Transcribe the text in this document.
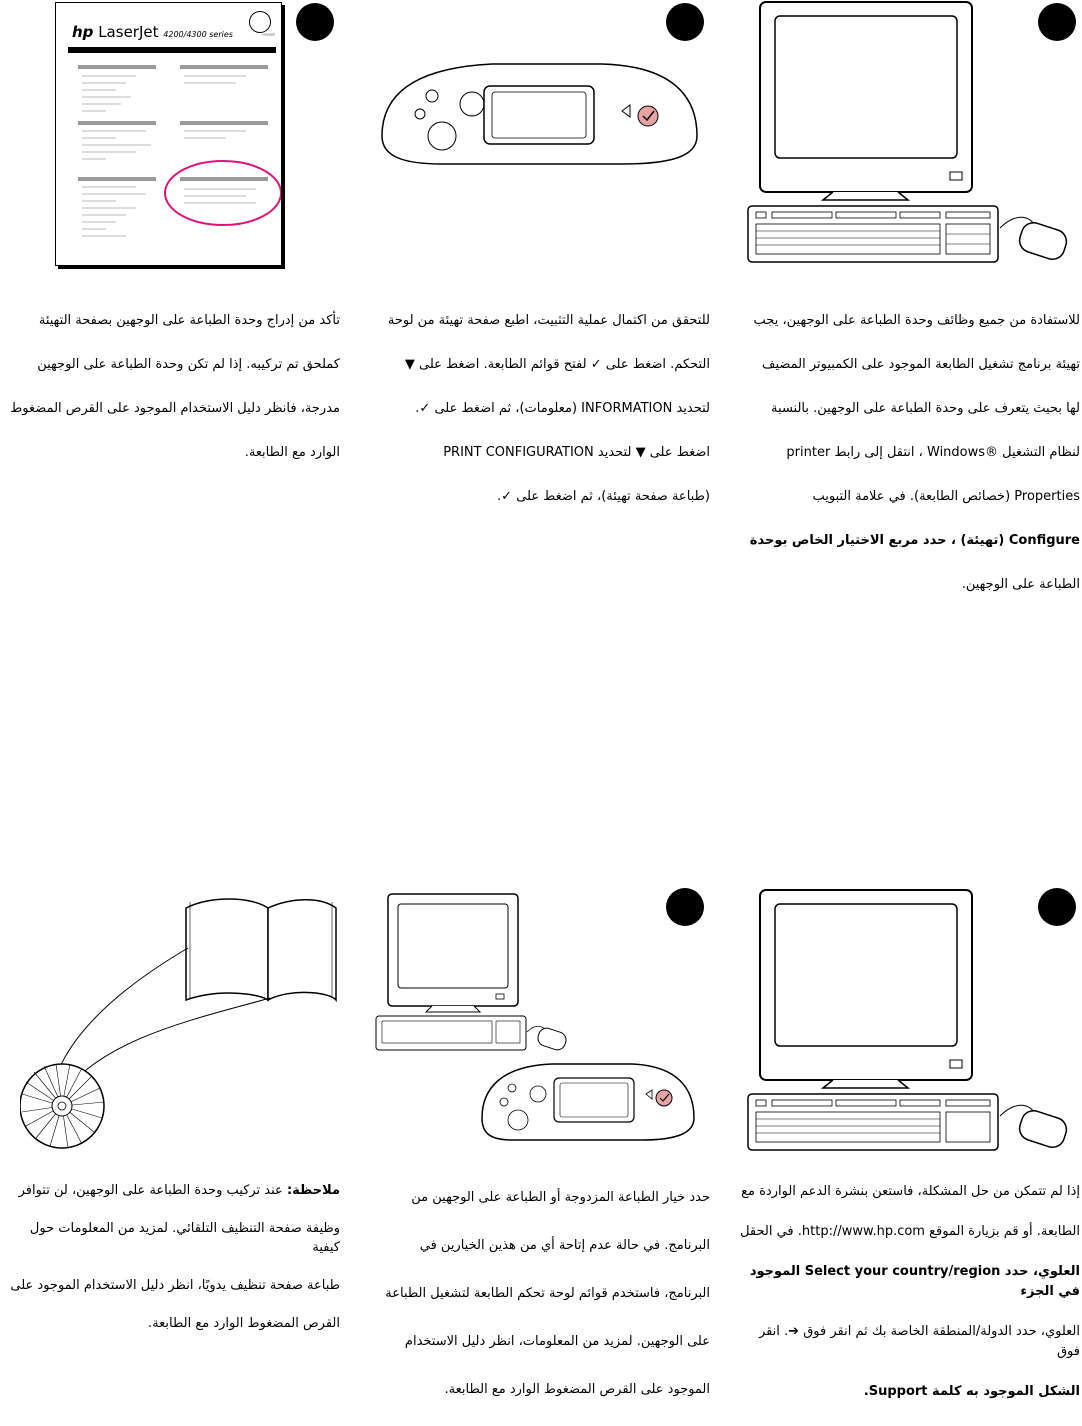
hp LaserJet 4200/4300 series	invent

للاستفادة من جميع وظائف وحدة الطباعة على الوجهين، يجب

تهيئة برنامج تشغيل الطابعة الموجود على الكمبيوتر المضيف

لها بحيث يتعرف على وحدة الطباعة على الوجهين. بالنسبة

لنظام التشغيل ®Windows ، انتقل إلى رابط printer

Properties (خصائص الطابعة). في علامة التبويب

Configure (تهيئة) ، حدد مربع الاختيار الخاص بوحدة

الطباعة على الوجهين.

للتحقق من اكتمال عملية التثبيت، اطبع صفحة تهيئة من لوحة

التحكم. اضغط على ✓ لفتح قوائم الطابعة. اضغط على ▼

لتحديد INFORMATION (معلومات)، ثم اضغط على ✓.

اضغط على ▼ لتحديد PRINT CONFIGURATION

(طباعة صفحة تهيئة)، ثم اضغط على ✓.

تأكد من إدراج وحدة الطباعة على الوجهين بصفحة التهيئة

كملحق تم تركيبه. إذا لم تكن وحدة الطباعة على الوجهين

مدرجة، فانظر دليل الاستخدام الموجود على القرص المضغوط

الوارد مع الطابعة.

إذا لم تتمكن من حل المشكلة، فاستعن بنشرة الدعم الواردة مع

الطابعة. أو قم بزيارة الموقع http://www.hp.com. في الحقل

العلوي، حدد Select your country/region الموجود في الجزء

العلوي، حدد الدولة/المنطقة الخاصة بك ثم انقر فوق ➔. انقر فوق

الشكل الموجود به كلمة Support.

حدد خيار الطباعة المزدوجة أو الطباعة على الوجهين من

البرنامج. في حالة عدم إتاحة أي من هذين الخيارين في

البرنامج، فاستخدم قوائم لوحة تحكم الطابعة لتشغيل الطباعة

على الوجهين. لمزيد من المعلومات، انظر دليل الاستخدام

الموجود على القرص المضغوط الوارد مع الطابعة.

ملاحظة: عند تركيب وحدة الطباعة على الوجهين، لن تتوافر

وظيفة صفحة التنظيف التلقائي. لمزيد من المعلومات حول كيفية

طباعة صفحة تنظيف يدويًا، انظر دليل الاستخدام الموجود على

القرص المضغوط الوارد مع الطابعة.
